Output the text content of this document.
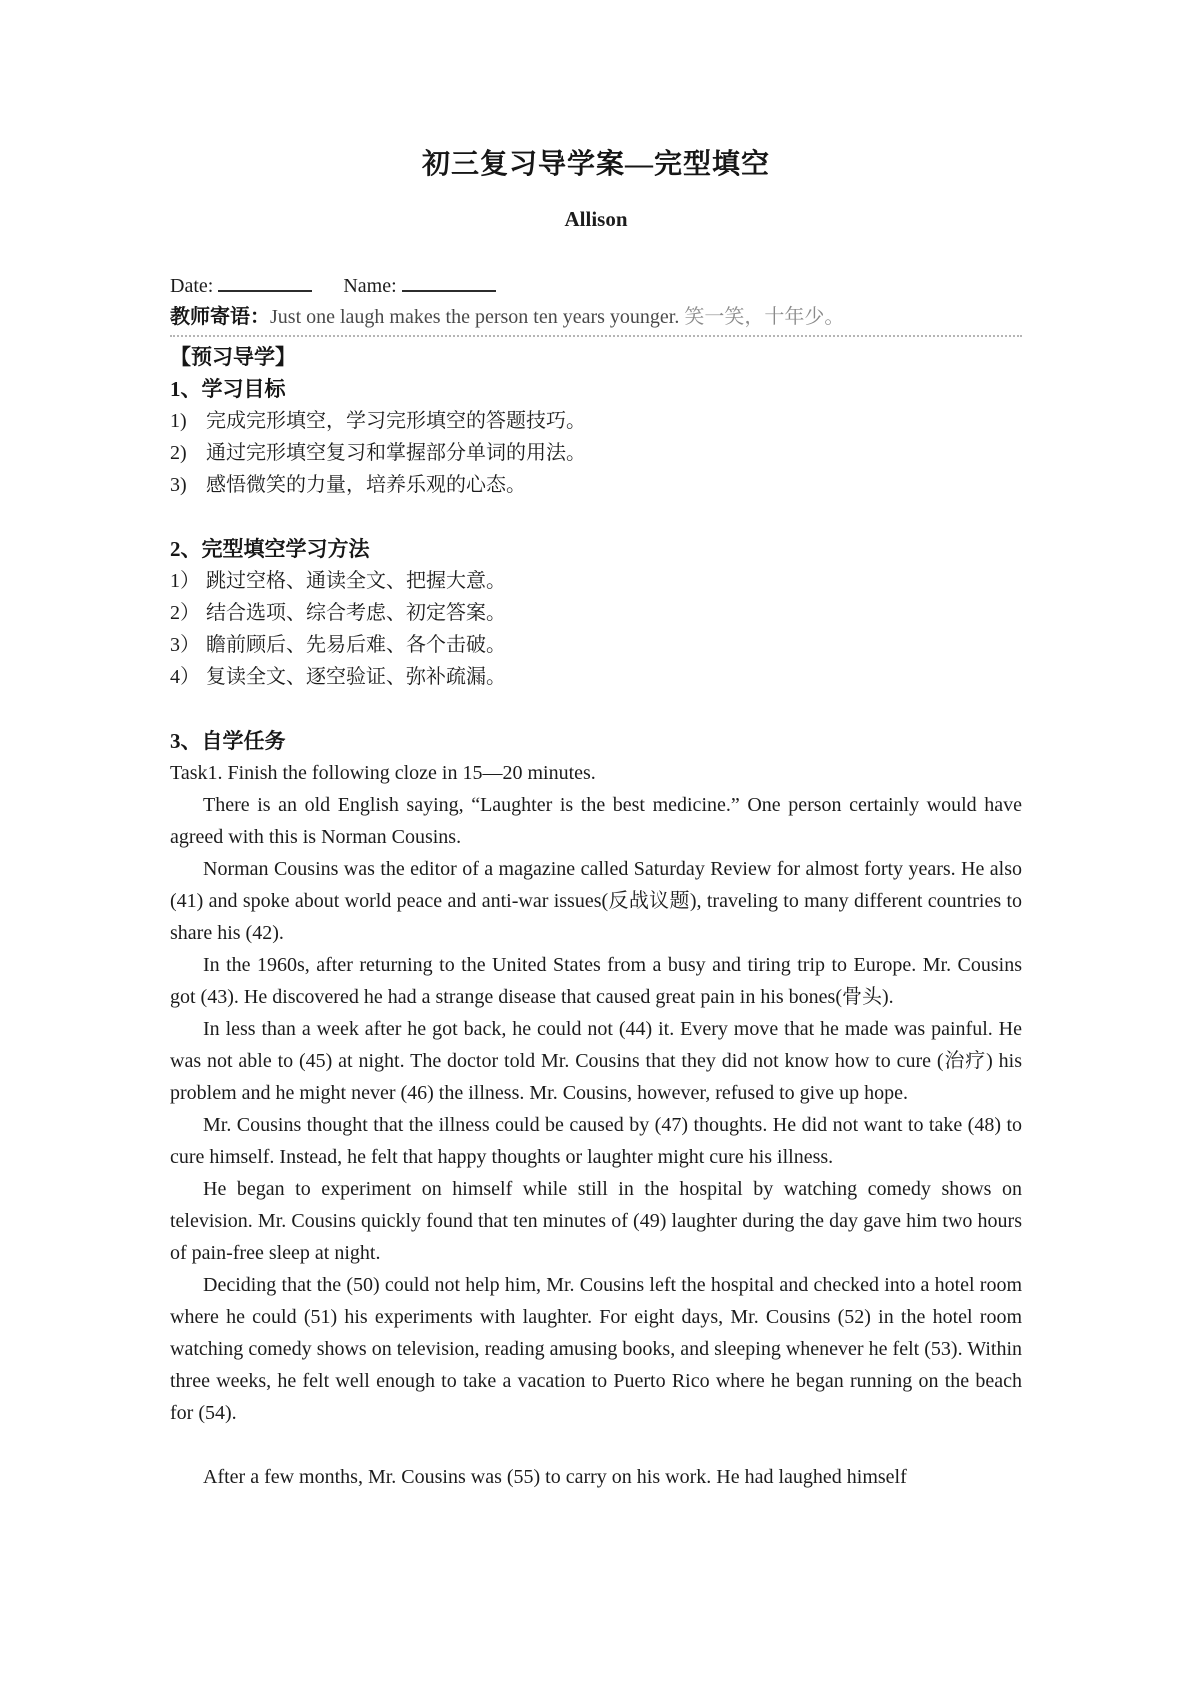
初三复习导学案—完型填空
Allison
Date:	Name:
教师寄语：Just one laugh makes the person ten years younger. 笑一笑，十年少。
【预习导学】
1、学习目标
1) 完成完形填空，学习完形填空的答题技巧。
2) 通过完形填空复习和掌握部分单词的用法。
3) 感悟微笑的力量，培养乐观的心态。
2、完型填空学习方法
1） 跳过空格、通读全文、把握大意。
2） 结合选项、综合考虑、初定答案。
3） 瞻前顾后、先易后难、各个击破。
4） 复读全文、逐空验证、弥补疏漏。
3、自学任务
Task1. Finish the following cloze in 15—20 minutes.

There is an old English saying, “Laughter is the best medicine.” One person certainly would have agreed with this is Norman Cousins.

Norman Cousins was the editor of a magazine called Saturday Review for almost forty years. He also (41) and spoke about world peace and anti-war issues(反战议题), traveling to many different countries to share his (42).

In the 1960s, after returning to the United States from a busy and tiring trip to Europe. Mr. Cousins got (43). He discovered he had a strange disease that caused great pain in his bones(骨头).

In less than a week after he got back, he could not (44) it. Every move that he made was painful. He was not able to (45) at night. The doctor told Mr. Cousins that they did not know how to cure (治疗) his problem and he might never (46) the illness. Mr. Cousins, however, refused to give up hope.

Mr. Cousins thought that the illness could be caused by (47) thoughts. He did not want to take (48) to cure himself. Instead, he felt that happy thoughts or laughter might cure his illness.

He began to experiment on himself while still in the hospital by watching comedy shows on television. Mr. Cousins quickly found that ten minutes of (49) laughter during the day gave him two hours of pain-free sleep at night.

Deciding that the (50) could not help him, Mr. Cousins left the hospital and checked into a hotel room where he could (51) his experiments with laughter. For eight days, Mr. Cousins (52) in the hotel room watching comedy shows on television, reading amusing books, and sleeping whenever he felt (53). Within three weeks, he felt well enough to take a vacation to Puerto Rico where he began running on the beach for (54).

After a few months, Mr. Cousins was (55) to carry on his work. He had laughed himself
